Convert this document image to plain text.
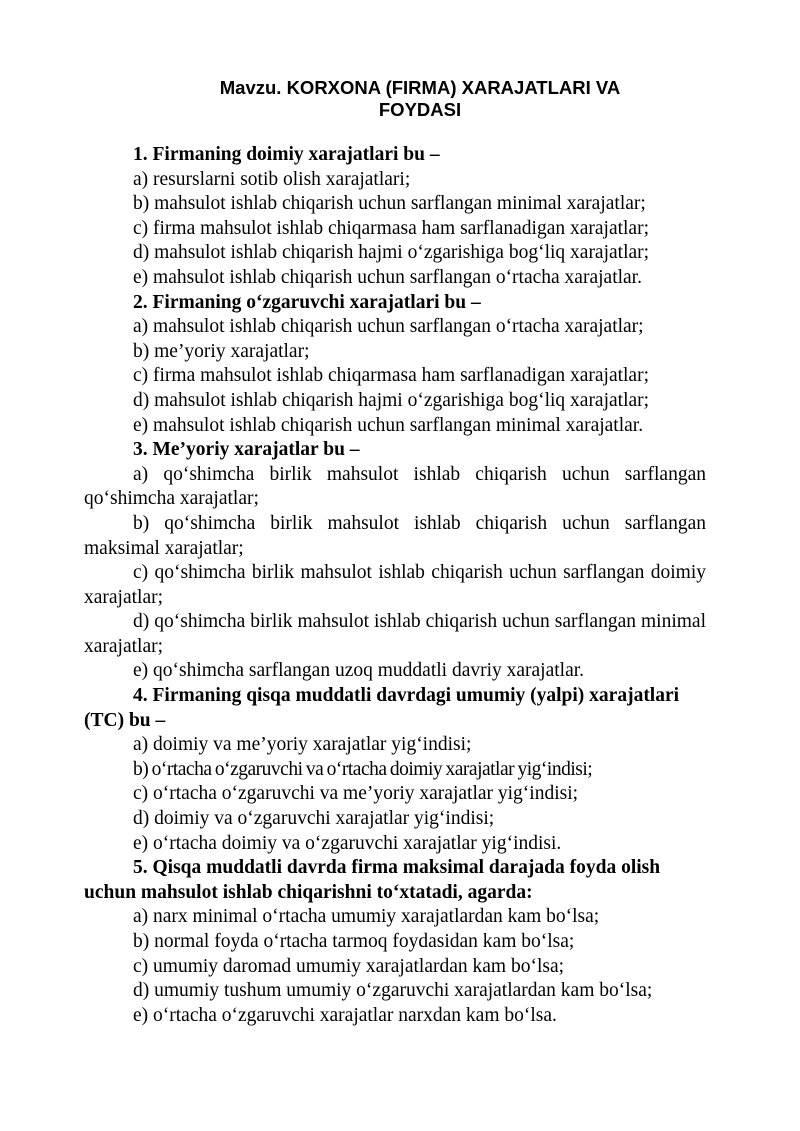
Mavzu. KORXONA (FIRMA) XARAJATLARI VA
FOYDASI

1. Firmaning doimiy xarajatlari bu –

a) resurslarni sotib olish xarajatlari;

b) mahsulot ishlab chiqarish uchun sarflangan minimal xarajatlar;

c) firma mahsulot ishlab chiqarmasa ham sarflanadigan xarajatlar;

d) mahsulot ishlab chiqarish hajmi o‘zgarishiga bog‘liq xarajatlar;

e) mahsulot ishlab chiqarish uchun sarflangan o‘rtacha xarajatlar.

2. Firmaning o‘zgaruvchi xarajatlari bu –

a) mahsulot ishlab chiqarish uchun sarflangan o‘rtacha xarajatlar;

b) me’yoriy xarajatlar;

c) firma mahsulot ishlab chiqarmasa ham sarflanadigan xarajatlar;

d) mahsulot ishlab chiqarish hajmi o‘zgarishiga bog‘liq xarajatlar;

e) mahsulot ishlab chiqarish uchun sarflangan minimal xarajatlar.

3. Me’yoriy xarajatlar bu –

a) qo‘shimcha birlik mahsulot ishlab chiqarish uchun sarflangan qo‘shimcha xarajatlar;

b) qo‘shimcha birlik mahsulot ishlab chiqarish uchun sarflangan maksimal xarajatlar;

c) qo‘shimcha birlik mahsulot ishlab chiqarish uchun sarflangan doimiy xarajatlar;

d) qo‘shimcha birlik mahsulot ishlab chiqarish uchun sarflangan minimal xarajatlar;

e) qo‘shimcha sarflangan uzoq muddatli davriy xarajatlar.

4. Firmaning qisqa muddatli davrdagi umumiy (yalpi) xarajatlari (TC) bu –

a) doimiy va me’yoriy xarajatlar yig‘indisi;

b) o‘rtacha o‘zgaruvchi va o‘rtacha doimiy xarajatlar yig‘indisi;

c) o‘rtacha o‘zgaruvchi va me’yoriy xarajatlar yig‘indisi;

d) doimiy va o‘zgaruvchi xarajatlar yig‘indisi;

e) o‘rtacha doimiy va o‘zgaruvchi xarajatlar yig‘indisi.

5. Qisqa muddatli davrda firma maksimal darajada foyda olish uchun mahsulot ishlab chiqarishni to‘xtatadi, agarda:

a) narx minimal o‘rtacha umumiy xarajatlardan kam bo‘lsa;

b) normal foyda o‘rtacha tarmoq foydasidan kam bo‘lsa;

c) umumiy daromad umumiy xarajatlardan kam bo‘lsa;

d) umumiy tushum umumiy o‘zgaruvchi xarajatlardan kam bo‘lsa;

e) o‘rtacha o‘zgaruvchi xarajatlar narxdan kam bo‘lsa.
